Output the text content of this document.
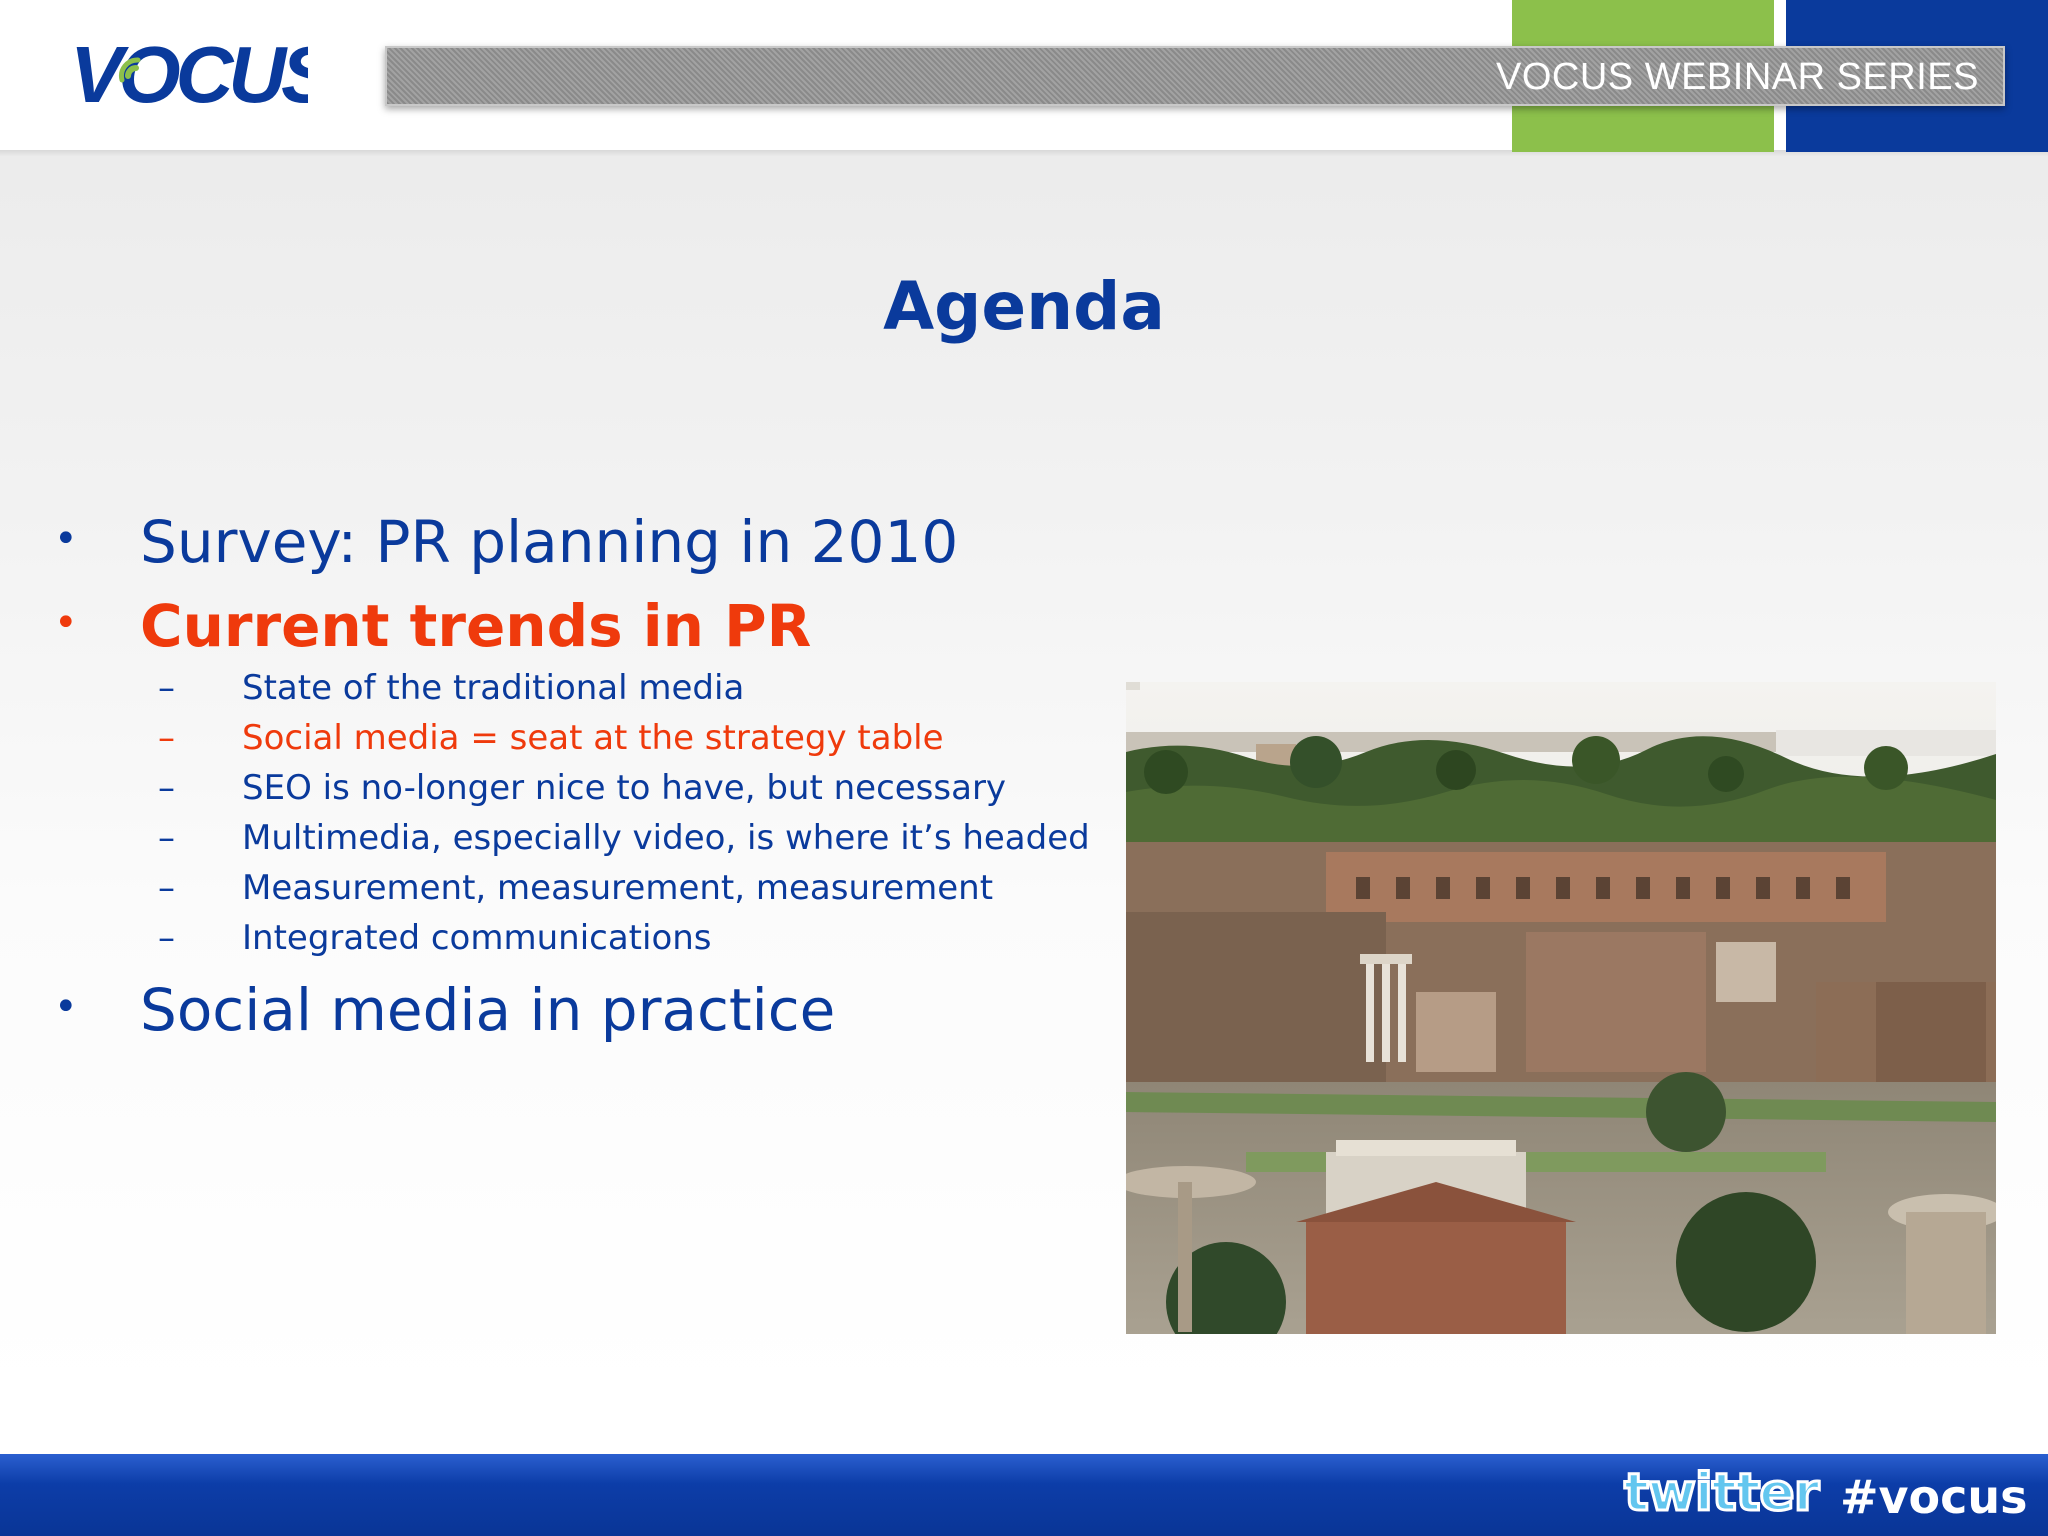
VOCUS	VOCUS WEBINAR SERIES
Agenda
• Survey: PR planning in 2010
• Current trends in PR
– State of the traditional media
– Social media = seat at the strategy table
– SEO is no-longer nice to have, but necessary
– Multimedia, especially video, is where it’s headed
– Measurement, measurement, measurement
– Integrated communications
• Social media in practice
twitter #vocus
